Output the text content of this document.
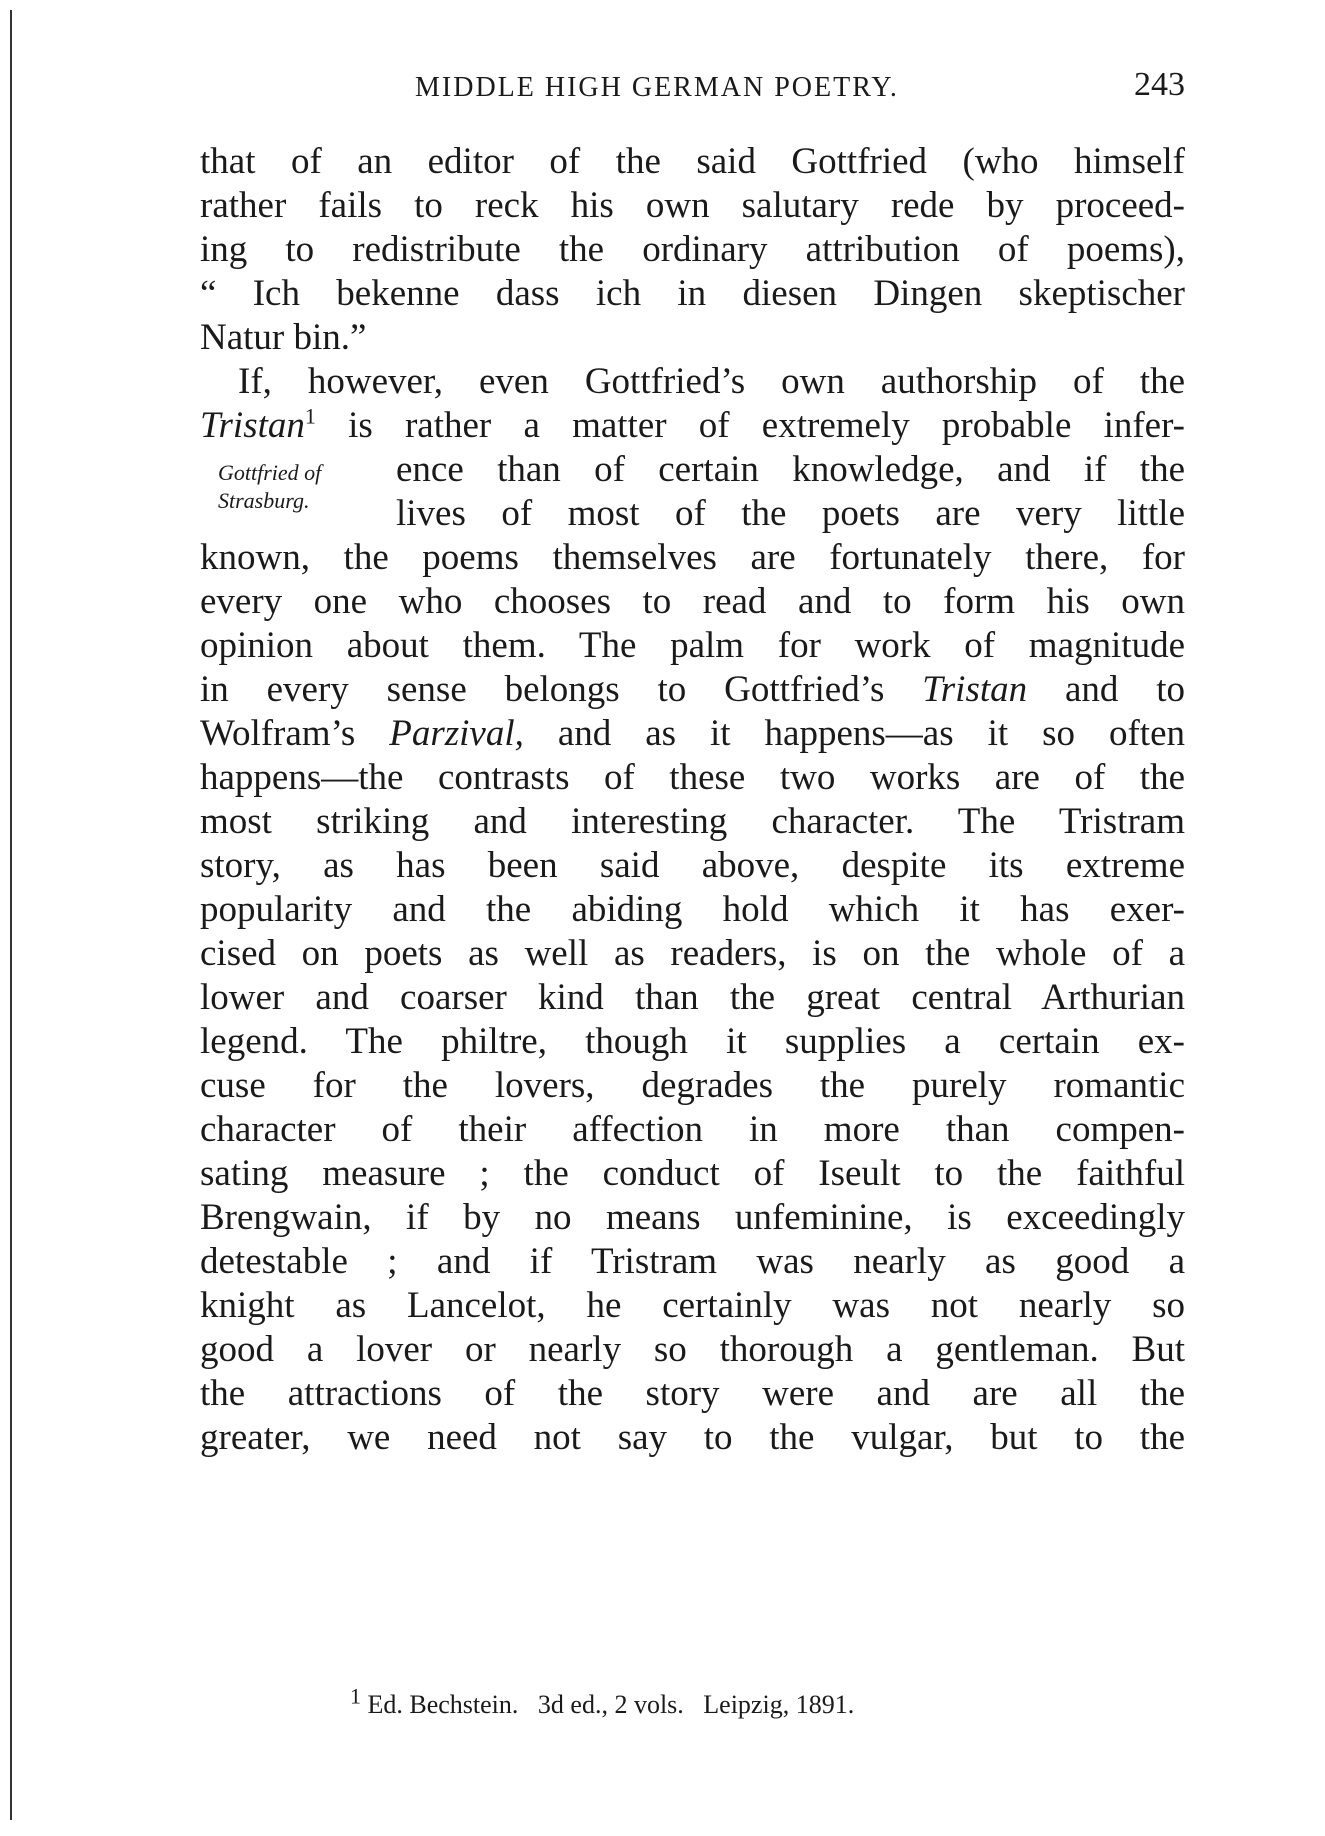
MIDDLE HIGH GERMAN POETRY.	243
Gottfried of
Strasburg.
that of an editor of the said Gottfried (who himself
rather fails to reck his own salutary rede by proceed-
ing to redistribute the ordinary attribution of poems),
“ Ich bekenne dass ich in diesen Dingen skeptischer
Natur bin.”
If, however, even Gottfried’s own authorship of the
Tristan$^1$ is rather a matter of extremely probable infer-
ence than of certain knowledge, and if the
lives of most of the poets are very little
known, the poems themselves are fortunately there, for
every one who chooses to read and to form his own
opinion about them. The palm for work of magnitude
in every sense belongs to Gottfried’s Tristan and to
Wolfram’s Parzival, and as it happens—as it so often
happens—the contrasts of these two works are of the
most striking and interesting character. The Tristram
story, as has been said above, despite its extreme
popularity and the abiding hold which it has exer-
cised on poets as well as readers, is on the whole of a
lower and coarser kind than the great central Arthurian
legend. The philtre, though it supplies a certain ex-
cuse for the lovers, degrades the purely romantic
character of their affection in more than compen-
sating measure ; the conduct of Iseult to the faithful
Brengwain, if by no means unfeminine, is exceedingly
detestable ; and if Tristram was nearly as good a
knight as Lancelot, he certainly was not nearly so
good a lover or nearly so thorough a gentleman. But
the attractions of the story were and are all the
greater, we need not say to the vulgar, but to the
$^1$ Ed. Bechstein.   3d ed., 2 vols.   Leipzig, 1891.
